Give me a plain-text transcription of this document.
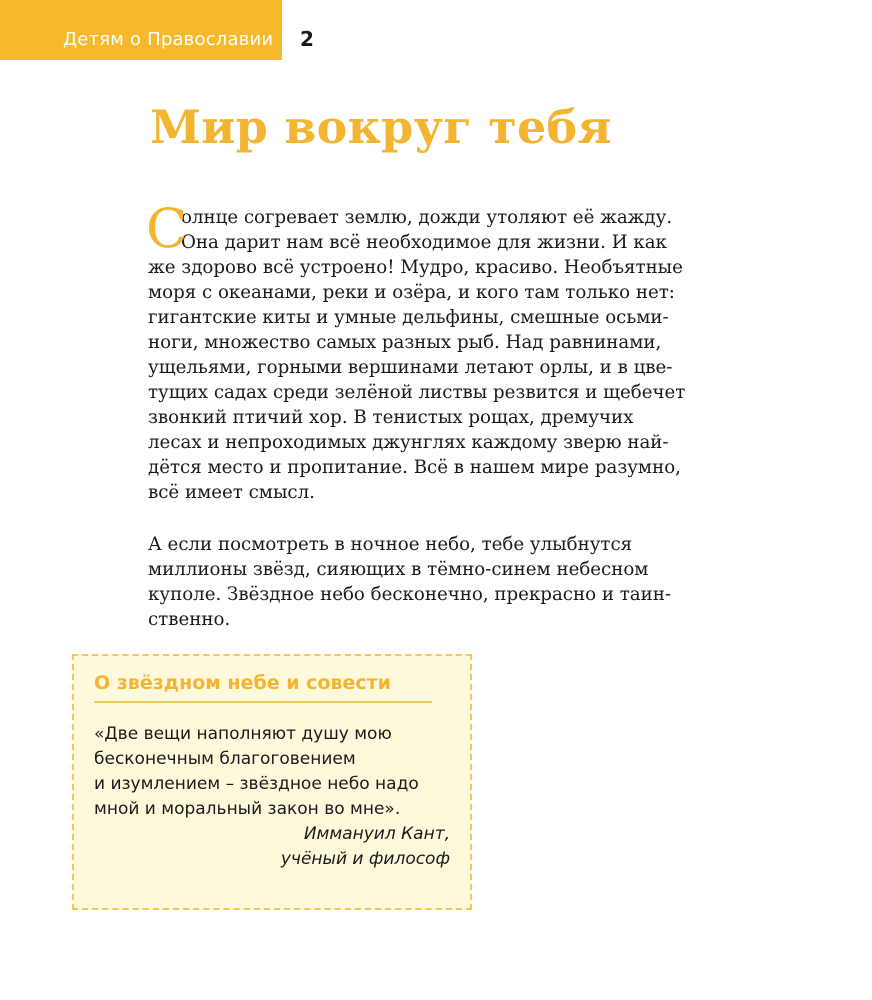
Детям о Православии 2
Мир вокруг тебя
С
олнце согревает землю, дожди утоляют её жажду.
Она дарит нам всё необходимое для жизни. И как
же здорово всё устроено! Мудро, красиво. Необъятные
моря с океанами, реки и озёра, и кого там только нет:
гигантские киты и умные дельфины, смешные осьми-
ноги, множество самых разных рыб. Над равнинами,
ущельями, горными вершинами летают орлы, и в цве-
тущих садах среди зелёной листвы резвится и щебечет
звонкий птичий хор. В тенистых рощах, дремучих
лесах и непроходимых джунглях каждому зверю най-
дётся место и пропитание. Всё в нашем мире разумно,
всё имеет смысл.
А если посмотреть в ночное небо, тебе улыбнутся
миллионы звёзд, сияющих в тёмно-синем небесном
куполе. Звёздное небо бесконечно, прекрасно и таин-
ственно.
О звёздном небе и совести
«Две вещи наполняют душу мою
бесконечным благоговением
и изумлением – звёздное небо надо
мной и моральный закон во мне».
Иммануил Кант,
учёный и философ
